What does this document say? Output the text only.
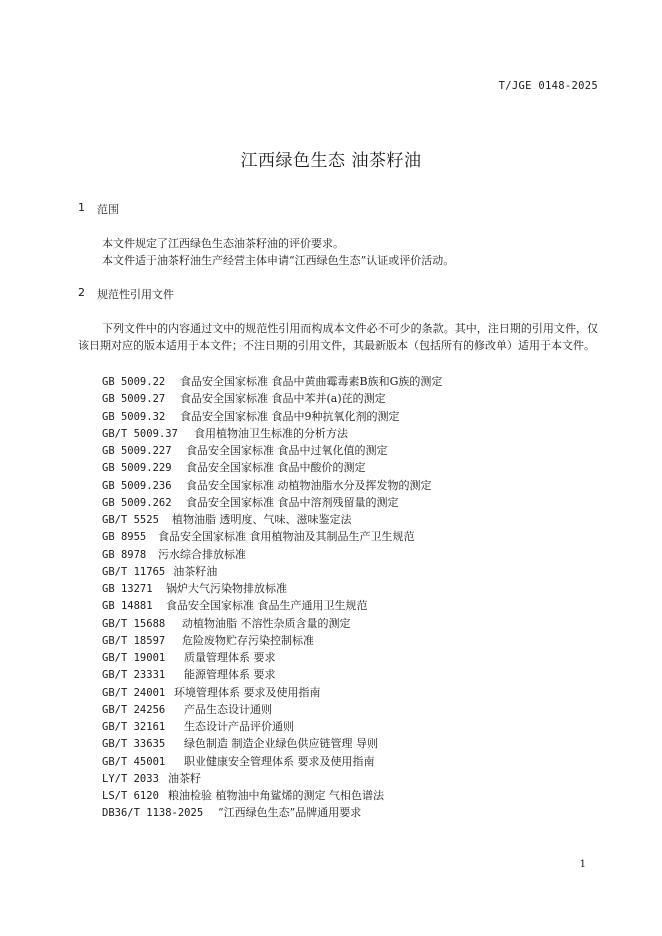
T/JGE 0148-2025
江西绿色生态 油茶籽油
1 范围
本文件规定了江西绿色生态油茶籽油的评价要求。
本文件适于油茶籽油生产经营主体申请“江西绿色生态”认证或评价活动。
2 规范性引用文件
下列文件中的内容通过文中的规范性引用而构成本文件必不可少的条款。其中，注日期的引用文件，仅该日期对应的版本适用于本文件；不注日期的引用文件，其最新版本（包括所有的修改单）适用于本文件。
GB 5009.22 食品安全国家标准 食品中黄曲霉毒素B族和G族的测定
GB 5009.27 食品安全国家标准 食品中苯并(a)芘的测定
GB 5009.32 食品安全国家标准 食品中9种抗氧化剂的测定
GB/T 5009.37 食用植物油卫生标准的分析方法
GB 5009.227 食品安全国家标准 食品中过氧化值的测定
GB 5009.229 食品安全国家标准 食品中酸价的测定
GB 5009.236 食品安全国家标准 动植物油脂水分及挥发物的测定
GB 5009.262 食品安全国家标准 食品中溶剂残留量的测定
GB/T 5525 植物油脂 透明度、气味、滋味鉴定法
GB 8955 食品安全国家标准 食用植物油及其制品生产卫生规范
GB 8978 污水综合排放标准
GB/T 11765 油茶籽油
GB 13271 锅炉大气污染物排放标准
GB 14881 食品安全国家标准 食品生产通用卫生规范
GB/T 15688 动植物油脂 不溶性杂质含量的测定
GB/T 18597 危险废物贮存污染控制标准
GB/T 19001 质量管理体系 要求
GB/T 23331 能源管理体系 要求
GB/T 24001 环境管理体系 要求及使用指南
GB/T 24256 产品生态设计通则
GB/T 32161 生态设计产品评价通则
GB/T 33635 绿色制造 制造企业绿色供应链管理 导则
GB/T 45001 职业健康安全管理体系 要求及使用指南
LY/T 2033 油茶籽
LS/T 6120 粮油检验 植物油中角鲨烯的测定 气相色谱法
DB36/T 1138-2025 “江西绿色生态”品牌通用要求
1
